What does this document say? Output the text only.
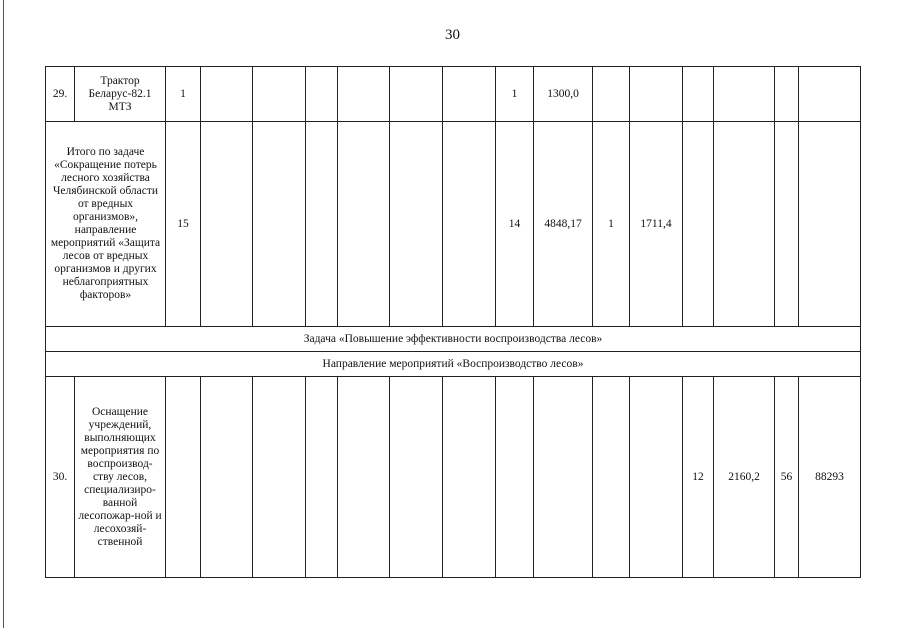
30
29.	Трактор Беларус-82.1 МТЗ	1							1	1300,0						
Итого по задаче «Сокращение потерь лесного хозяйства Челябинской области от вредных организмов», направление мероприятий «Защита лесов от вредных организмов и других неблагоприятных факторов»		15							14	4848,17	1	1711,4				
Задача «Повышение эффективности воспроизводства лесов»																
Направление мероприятий «Воспроизводство лесов»																
30.	Оснащение учреждений, выполняющих мероприятия по воспроизвод-ству лесов, специализиро-ванной лесопожар-ной и лесохозяй-ственной												12	2160,2	56	88293
